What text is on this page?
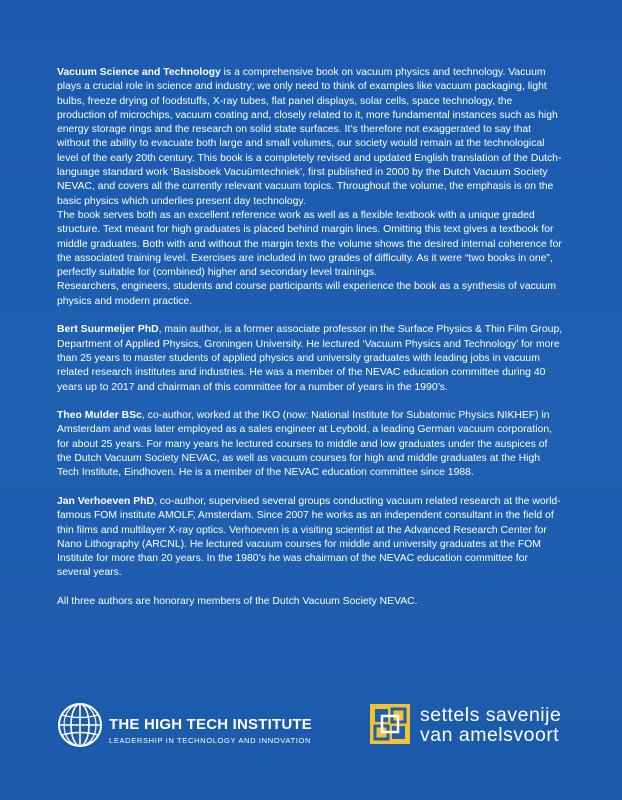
Vacuum Science and Technology is a comprehensive book on vacuum physics and technology. Vacuum plays a crucial role in science and industry; we only need to think of examples like vacuum packaging, light bulbs, freeze drying of foodstuffs, X-ray tubes, flat panel displays, solar cells, space technology, the production of microchips, vacuum coating and, closely related to it, more fundamental instances such as high energy storage rings and the research on solid state surfaces. It’s therefore not exaggerated to say that without the ability to evacuate both large and small volumes, our society would remain at the technological level of the early 20th century. This book is a completely revised and updated English translation of the Dutch-language standard work ‘Basisboek Vacuümtechniek’, first published in 2000 by the Dutch Vacuum Society NEVAC, and covers all the currently relevant vacuum topics. Throughout the volume, the emphasis is on the basic physics which underlies present day technology.

The book serves both as an excellent reference work as well as a flexible textbook with a unique graded structure. Text meant for high graduates is placed behind margin lines. Omitting this text gives a textbook for middle graduates. Both with and without the margin texts the volume shows the desired internal coherence for the associated training level. Exercises are included in two grades of difficulty. As it were “two books in one”, perfectly suitable for (combined) higher and secondary level trainings.

Researchers, engineers, students and course participants will experience the book as a synthesis of vacuum physics and modern practice.

Bert Suurmeijer PhD, main author, is a former associate professor in the Surface Physics & Thin Film Group, Department of Applied Physics, Groningen University. He lectured ‘Vacuum Physics and Technology’ for more than 25 years to master students of applied physics and university graduates with leading jobs in vacuum related research institutes and industries. He was a member of the NEVAC education committee during 40 years up to 2017 and chairman of this committee for a number of years in the 1990’s.

Theo Mulder BSc, co-author, worked at the IKO (now: National Institute for Subatomic Physics NIKHEF) in Amsterdam and was later employed as a sales engineer at Leybold, a leading German vacuum corporation, for about 25 years. For many years he lectured courses to middle and low graduates under the auspices of the Dutch Vacuum Society NEVAC, as well as vacuum courses for high and middle graduates at the High Tech Institute, Eindhoven. He is a member of the NEVAC education committee since 1988.

Jan Verhoeven PhD, co-author, supervised several groups conducting vacuum related research at the world-famous FOM institute AMOLF, Amsterdam. Since 2007 he works as an independent consultant in the field of thin films and multilayer X-ray optics. Verhoeven is a visiting scientist at the Advanced Research Center for Nano Lithography (ARCNL). He lectured vacuum courses for middle and university graduates at the FOM Institute for more than 20 years. In the 1980’s he was chairman of the NEVAC education committee for several years.

All three authors are honorary members of the Dutch Vacuum Society NEVAC.

THE HIGH TECH INSTITUTE
LEADERSHIP IN TECHNOLOGY AND INNOVATION
settels savenije
van amelsvoort
